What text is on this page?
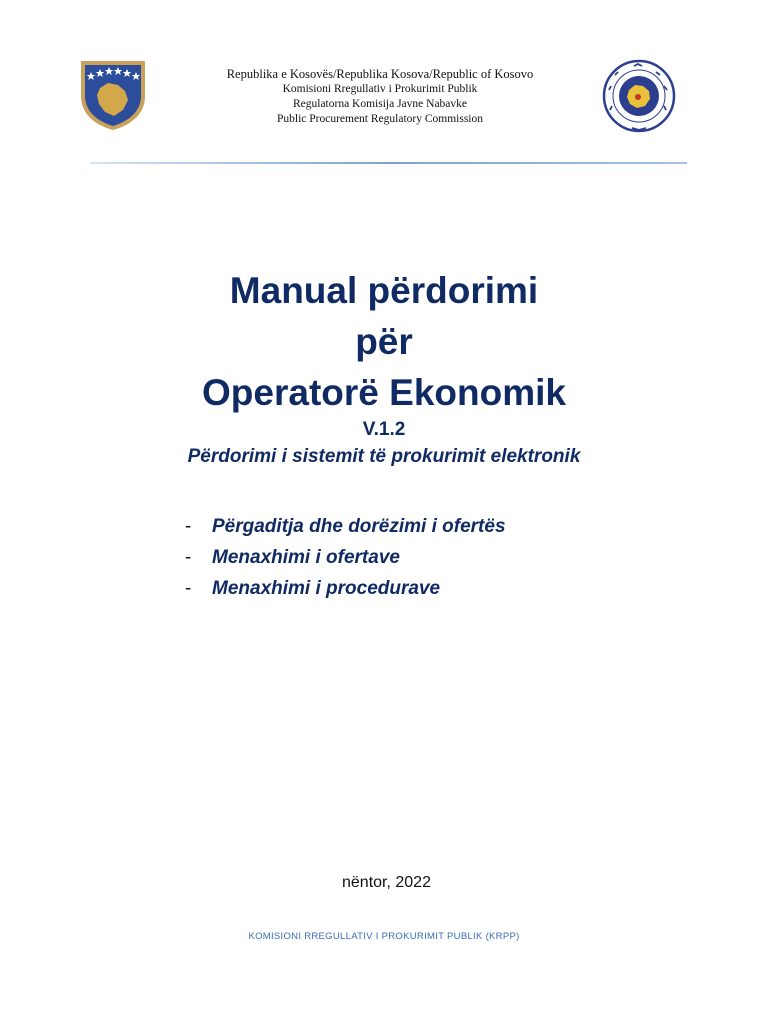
Republika e Kosovës/Republika Kosova/Republic of Kosovo
Komisioni Rregullativ i Prokurimit Publik
Regulatorna Komisija Javne Nabavke
Public Procurement Regulatory Commission
Manual përdorimi
për
Operatorë Ekonomik
V.1.2
Përdorimi i sistemit të prokurimit elektronik
- Përgaditja dhe dorëzimi i ofertës
- Menaxhimi i ofertave
- Menaxhimi i procedurave
nëntor, 2022
KOMISIONI RREGULLATIV I PROKURIMIT PUBLIK (KRPP)
